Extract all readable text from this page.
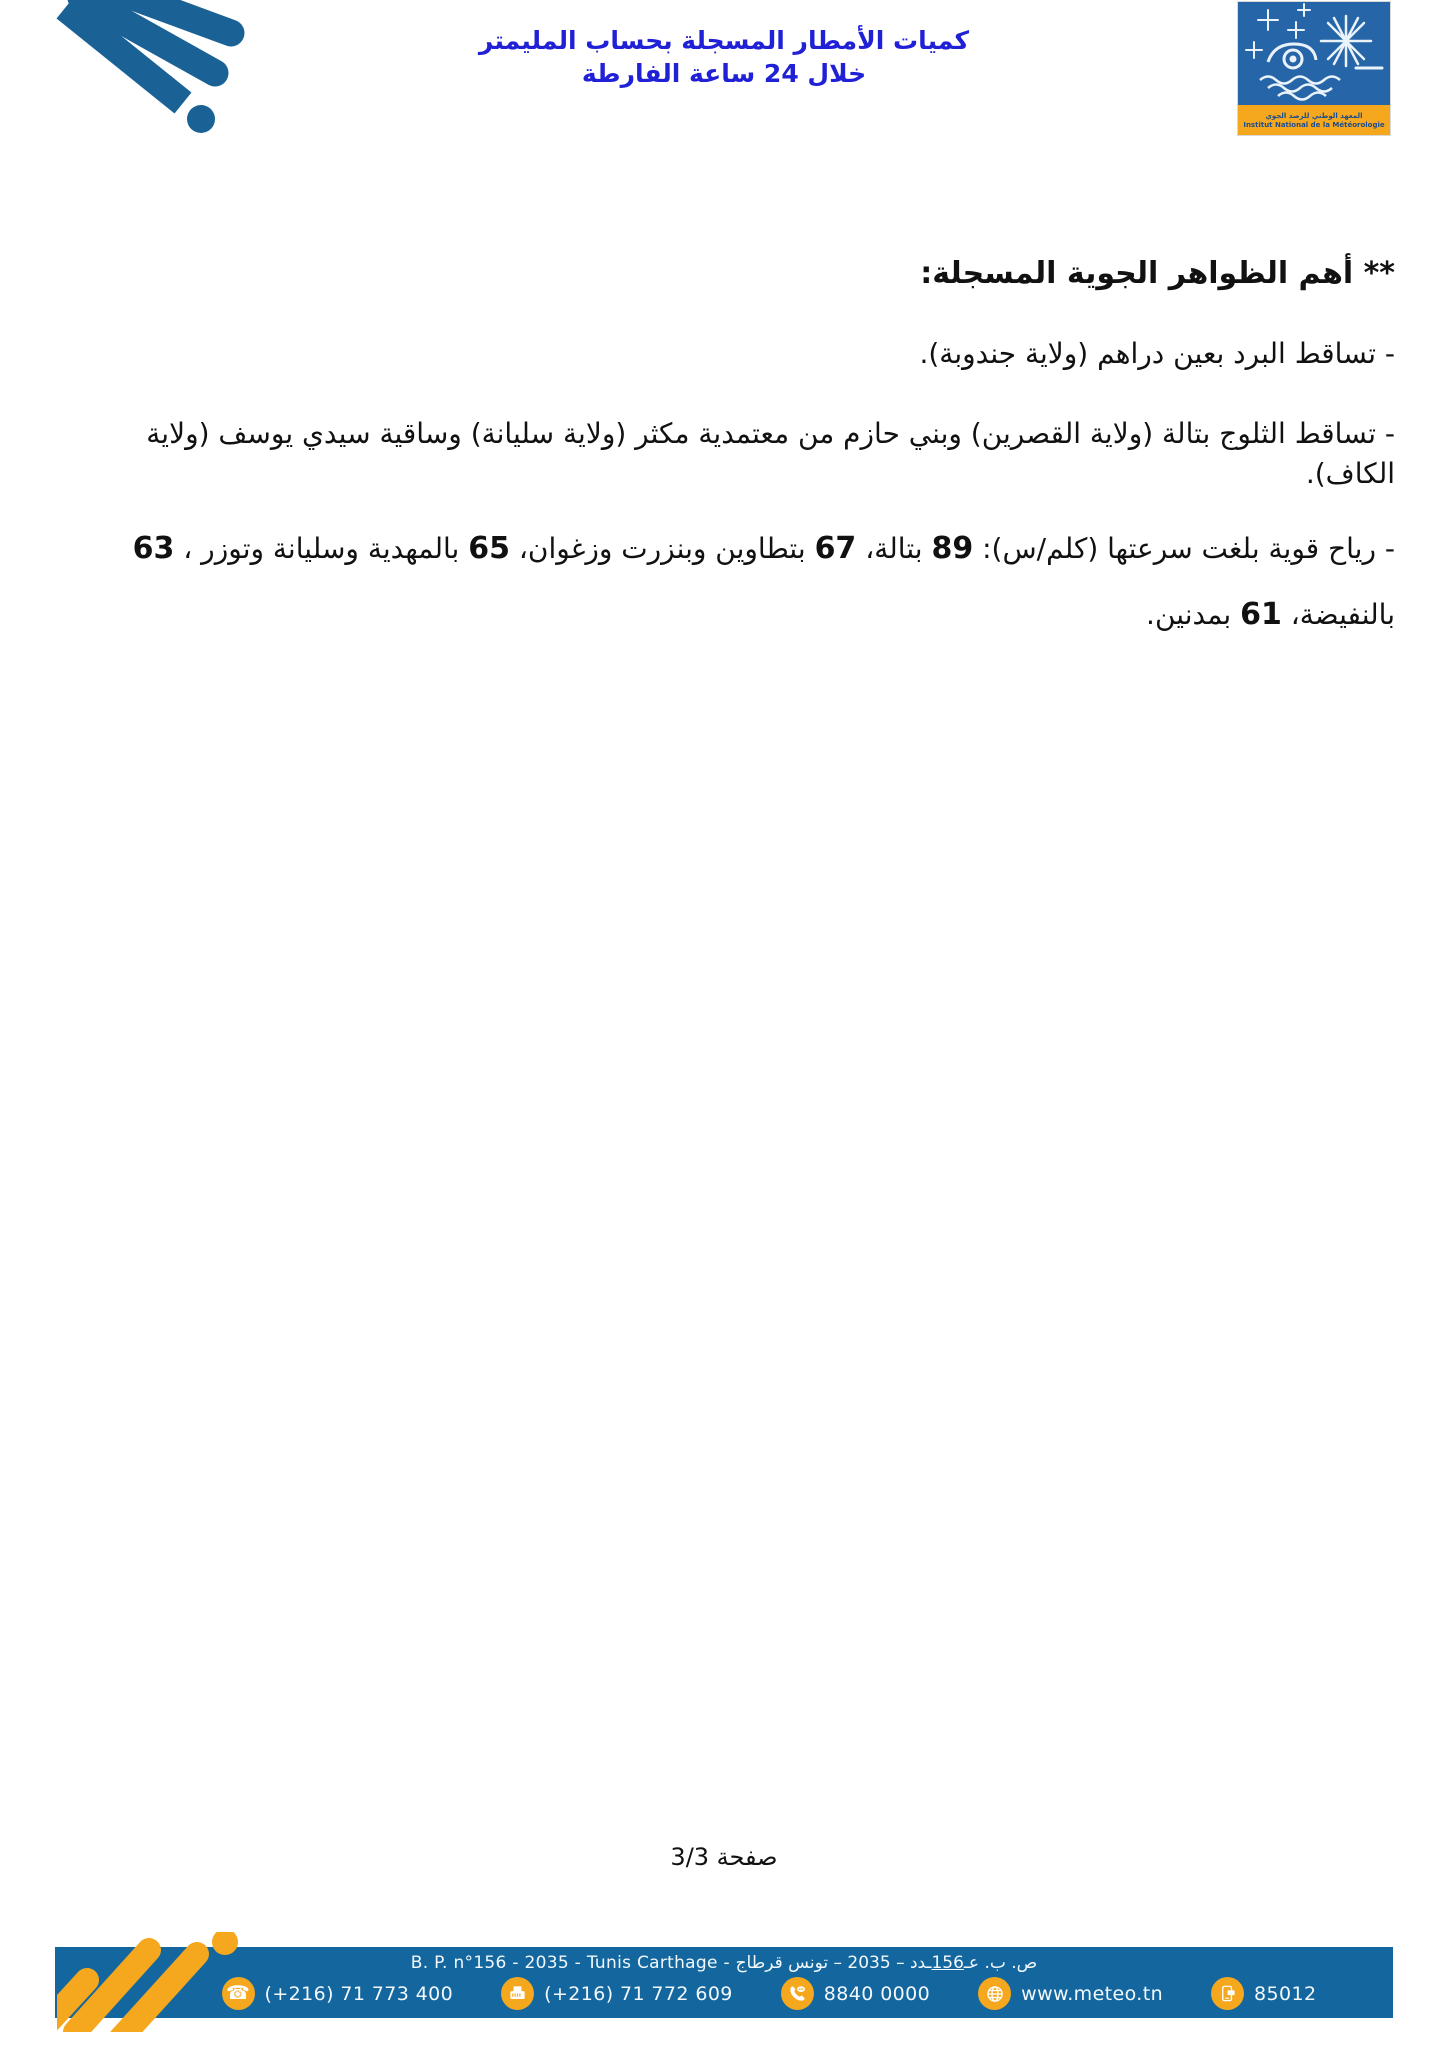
كميات الأمطار المسجلة بحساب المليمتر
خلال 24 ساعة الفارطة
المعهد الوطني للرصد الجوي
Institut National de la Météorologie
** أهم الظواهر الجوية المسجلة:

- تساقط البرد بعين دراهم (ولاية جندوبة).

- تساقط الثلوج بتالة (ولاية القصرين) وبني حازم من معتمدية مكثر (ولاية سليانة) وساقية سيدي يوسف (ولاية الكاف).

- رياح قوية بلغت سرعتها (كلم/س): 89 بتالة، 67 بتطاوين وبنزرت وزغوان، 65 بالمهدية وسليانة وتوزر ، 63
بالنفيضة، 61 بمدنين.

صفحة 3/3
B. P. n°156 - 2035 - Tunis Carthage -	ص. ب. عـ156ـدد – 2035 – تونس قرطاج
☎ (+216) 71 773 400	(+216) 71 772 609	8840 0000	www.meteo.tn	85012
